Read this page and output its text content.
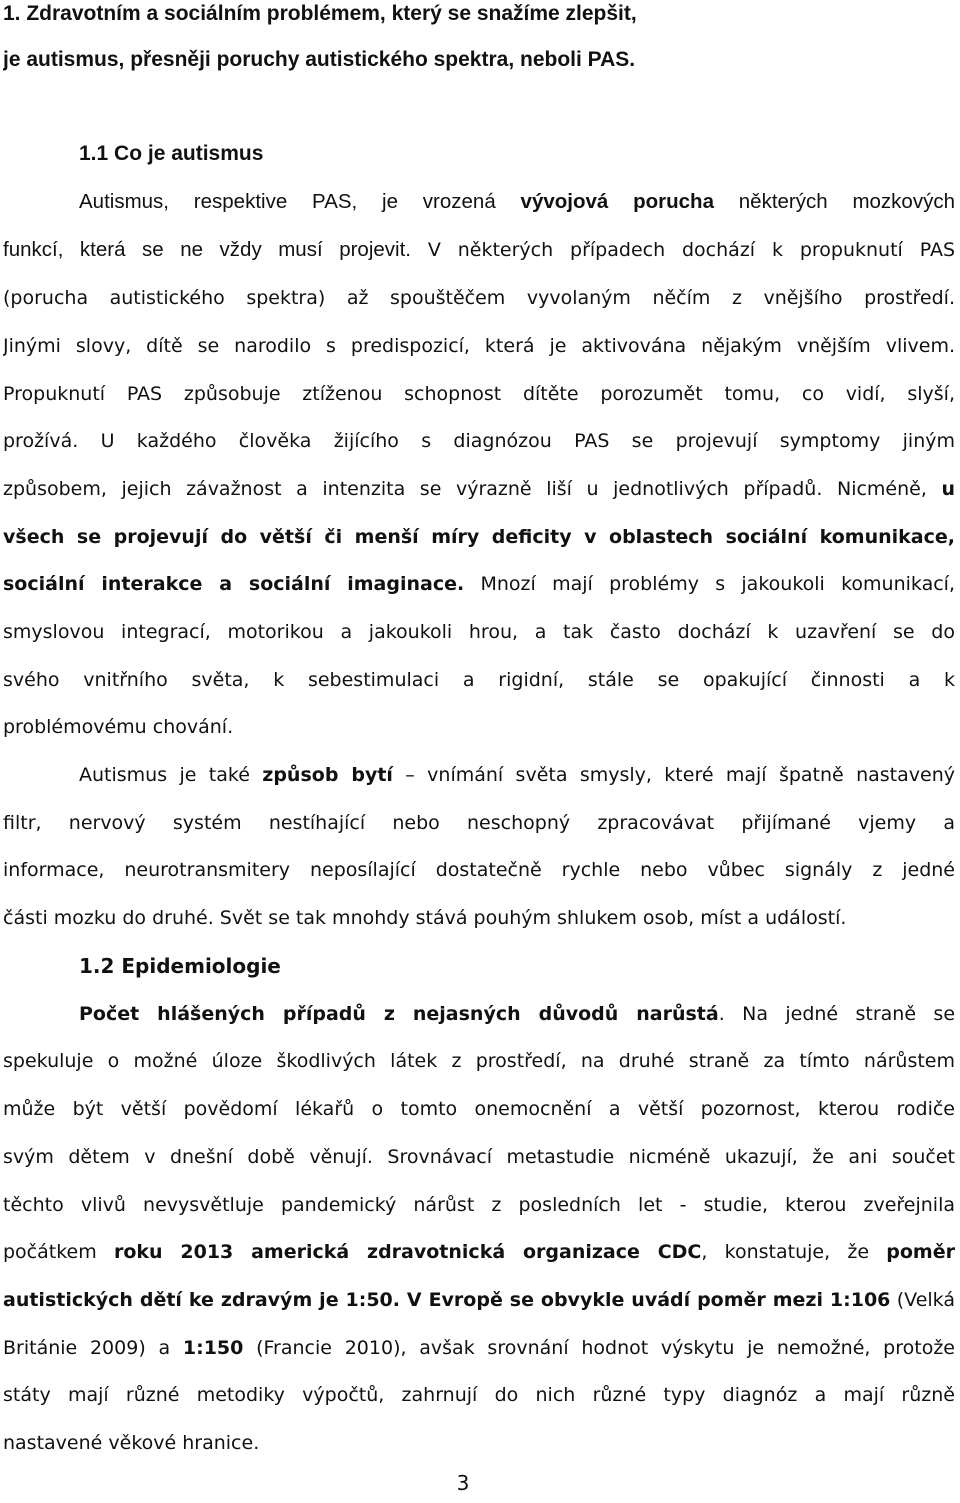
1. Zdravotním a sociálním problémem, který se snažíme zlepšit,
je autismus, přesněji poruchy autistického spektra, neboli PAS.
1.1 Co je autismus
Autismus, respektive PAS, je vrozená vývojová porucha některých mozkových
funkcí, která se ne vždy musí projevit. V některých případech dochází k propuknutí PAS
(porucha autistického spektra) až spouštěčem vyvolaným něčím z vnějšího prostředí.
Jinými slovy, dítě se narodilo s predispozicí, která je aktivována nějakým vnějším vlivem.
Propuknutí PAS způsobuje ztíženou schopnost dítěte porozumět tomu, co vidí, slyší,
prožívá. U každého člověka žijícího s diagnózou PAS se projevují symptomy jiným
způsobem, jejich závažnost a intenzita se výrazně liší u jednotlivých případů. Nicméně, u
všech se projevují do větší či menší míry deficity v oblastech sociální komunikace,
sociální interakce a sociální imaginace. Mnozí mají problémy s jakoukoli komunikací,
smyslovou integrací, motorikou a jakoukoli hrou, a tak často dochází k uzavření se do
svého vnitřního světa, k sebestimulaci a rigidní, stále se opakující činnosti a k
problémovému chování.
Autismus je také způsob bytí – vnímání světa smysly, které mají špatně nastavený
filtr, nervový systém nestíhající nebo neschopný zpracovávat přijímané vjemy a
informace, neurotransmitery neposílající dostatečně rychle nebo vůbec signály z jedné
části mozku do druhé. Svět se tak mnohdy stává pouhým shlukem osob, míst a událostí.
1.2 Epidemiologie
Počet hlášených případů z nejasných důvodů narůstá. Na jedné straně se
spekuluje o možné úloze škodlivých látek z prostředí, na druhé straně za tímto nárůstem
může být větší povědomí lékařů o tomto onemocnění a větší pozornost, kterou rodiče
svým dětem v dnešní době věnují. Srovnávací metastudie nicméně ukazují, že ani součet
těchto vlivů nevysvětluje pandemický nárůst z posledních let - studie, kterou zveřejnila
počátkem roku 2013 americká zdravotnická organizace CDC, konstatuje, že poměr
autistických dětí ke zdravým je 1:50. V Evropě se obvykle uvádí poměr mezi 1:106 (Velká
Británie 2009) a 1:150 (Francie 2010), avšak srovnání hodnot výskytu je nemožné, protože
státy mají různé metodiky výpočtů, zahrnují do nich různé typy diagnóz a mají různě
nastavené věkové hranice.
3
